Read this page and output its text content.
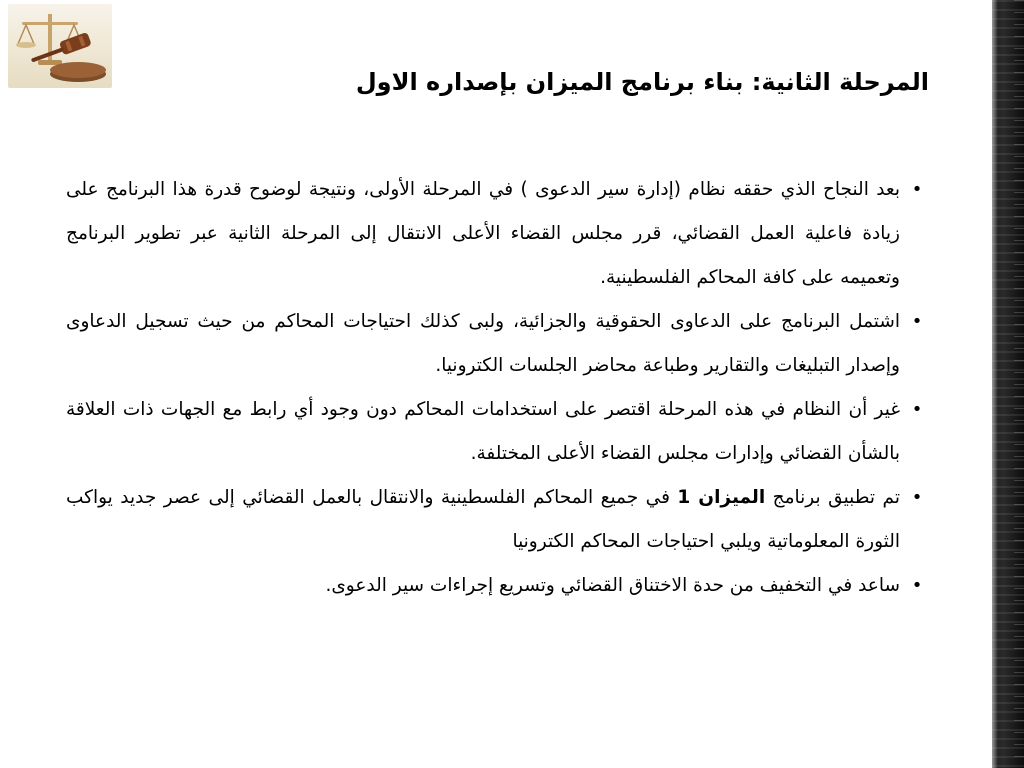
المرحلة الثانية: بناء برنامج الميزان بإصداره الاول
•
بعد النجاح الذي حققه نظام (إدارة سير الدعوى ) في المرحلة الأولى، ونتيجة لوضوح قدرة هذا البرنامج على زيادة فاعلية العمل القضائي، قرر مجلس القضاء الأعلى الانتقال إلى المرحلة الثانية عبر تطوير البرنامج وتعميمه على كافة المحاكم الفلسطينية.
•
اشتمل البرنامج على الدعاوى الحقوقية والجزائية، ولبى كذلك احتياجات المحاكم من حيث تسجيل الدعاوى وإصدار التبليغات والتقارير وطباعة محاضر الجلسات الكترونيا.
•
غير أن النظام في هذه المرحلة اقتصر على استخدامات المحاكم دون وجود أي رابط مع الجهات ذات العلاقة بالشأن القضائي وإدارات مجلس القضاء الأعلى المختلفة.
•
تم تطبيق برنامج الميزان 1 في جميع المحاكم الفلسطينية والانتقال بالعمل القضائي إلى عصر جديد يواكب الثورة المعلوماتية ويلبي احتياجات المحاكم الكترونيا
•
ساعد في التخفيف من حدة الاختناق القضائي وتسريع إجراءات سير الدعوى.
